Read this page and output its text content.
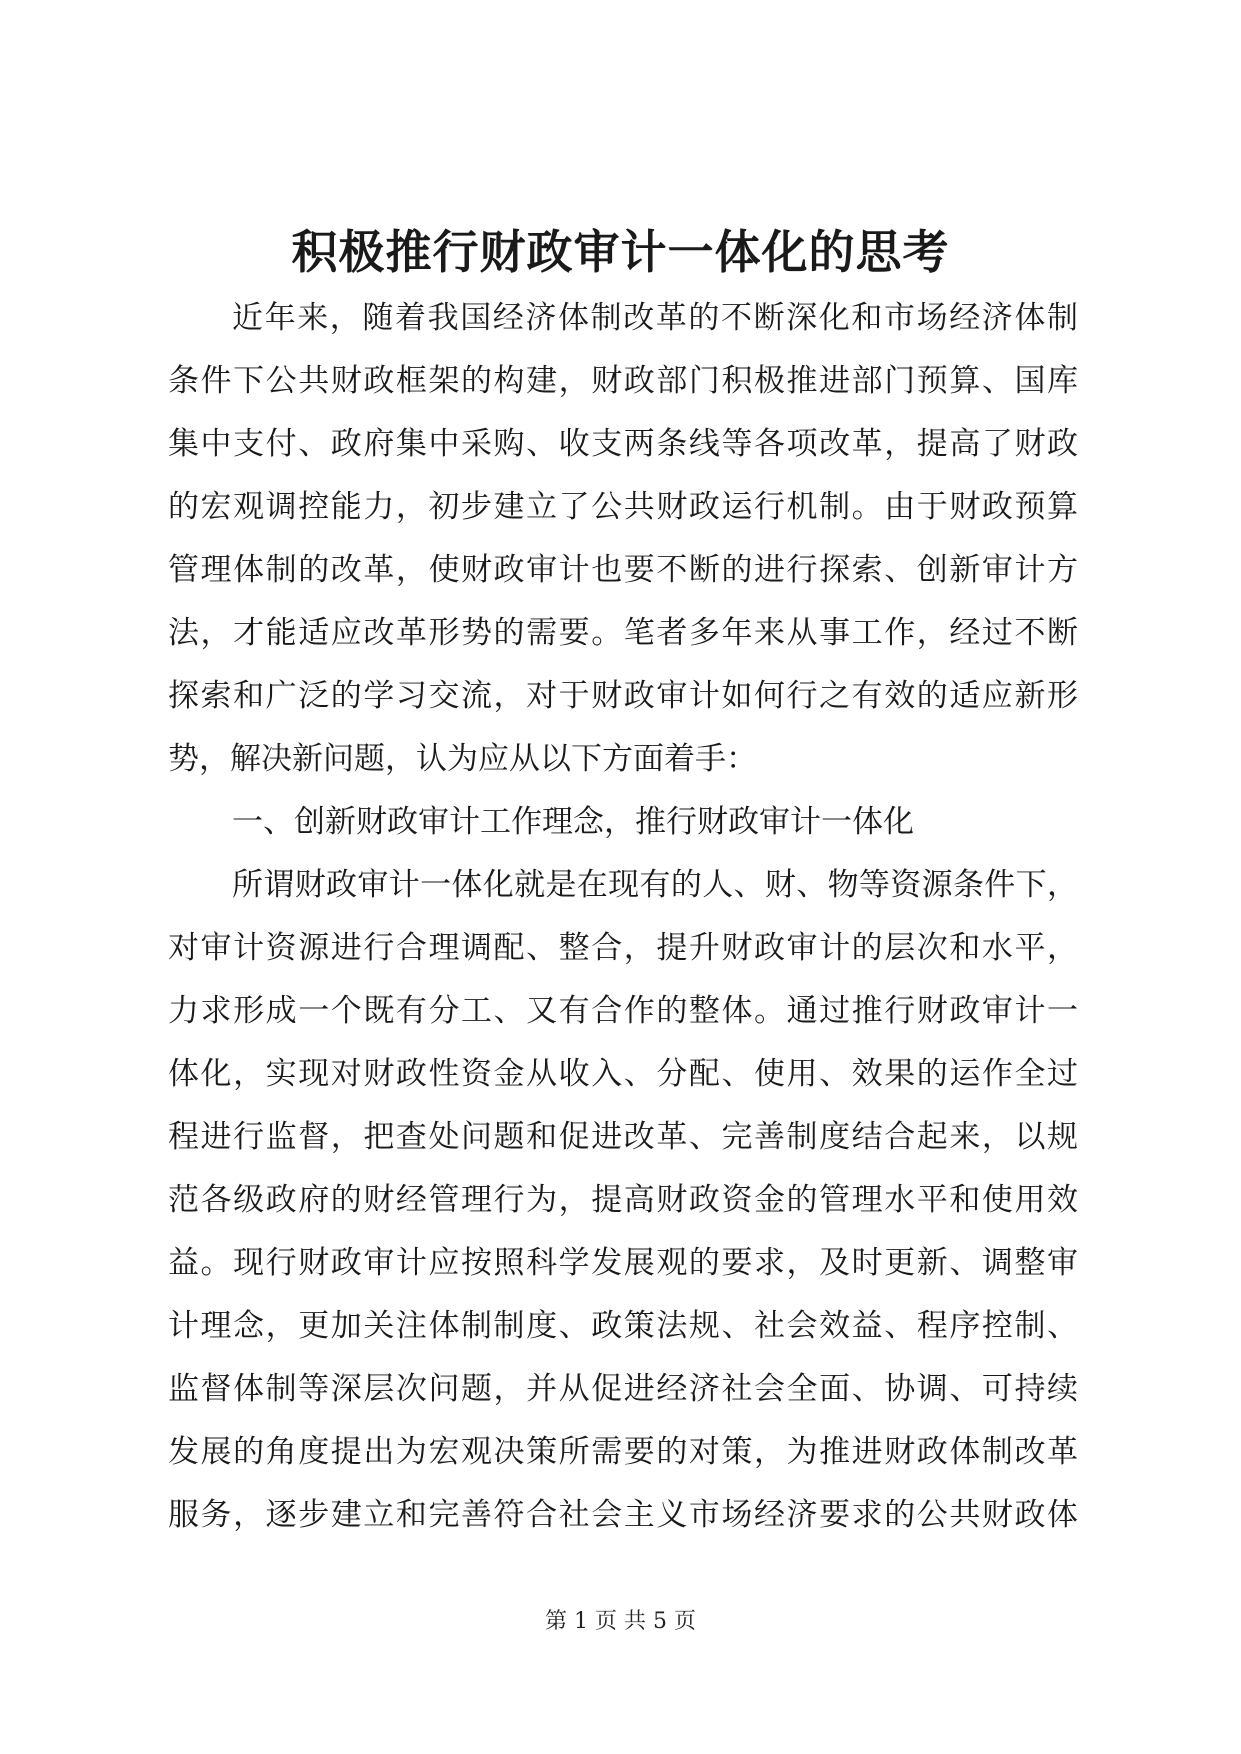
积极推行财政审计一体化的思考
近年来，随着我国经济体制改革的不断深化和市场经济体制
条件下公共财政框架的构建，财政部门积极推进部门预算、国库
集中支付、政府集中采购、收支两条线等各项改革，提高了财政
的宏观调控能力，初步建立了公共财政运行机制。由于财政预算
管理体制的改革，使财政审计也要不断的进行探索、创新审计方
法，才能适应改革形势的需要。笔者多年来从事工作，经过不断
探索和广泛的学习交流，对于财政审计如何行之有效的适应新形
势，解决新问题，认为应从以下方面着手：
一、创新财政审计工作理念，推行财政审计一体化
所谓财政审计一体化就是在现有的人、财、物等资源条件下，
对审计资源进行合理调配、整合，提升财政审计的层次和水平，
力求形成一个既有分工、又有合作的整体。通过推行财政审计一
体化，实现对财政性资金从收入、分配、使用、效果的运作全过
程进行监督，把查处问题和促进改革、完善制度结合起来，以规
范各级政府的财经管理行为，提高财政资金的管理水平和使用效
益。现行财政审计应按照科学发展观的要求，及时更新、调整审
计理念，更加关注体制制度、政策法规、社会效益、程序控制、
监督体制等深层次问题，并从促进经济社会全面、协调、可持续
发展的角度提出为宏观决策所需要的对策，为推进财政体制改革
服务，逐步建立和完善符合社会主义市场经济要求的公共财政体
第 1 页 共 5 页
